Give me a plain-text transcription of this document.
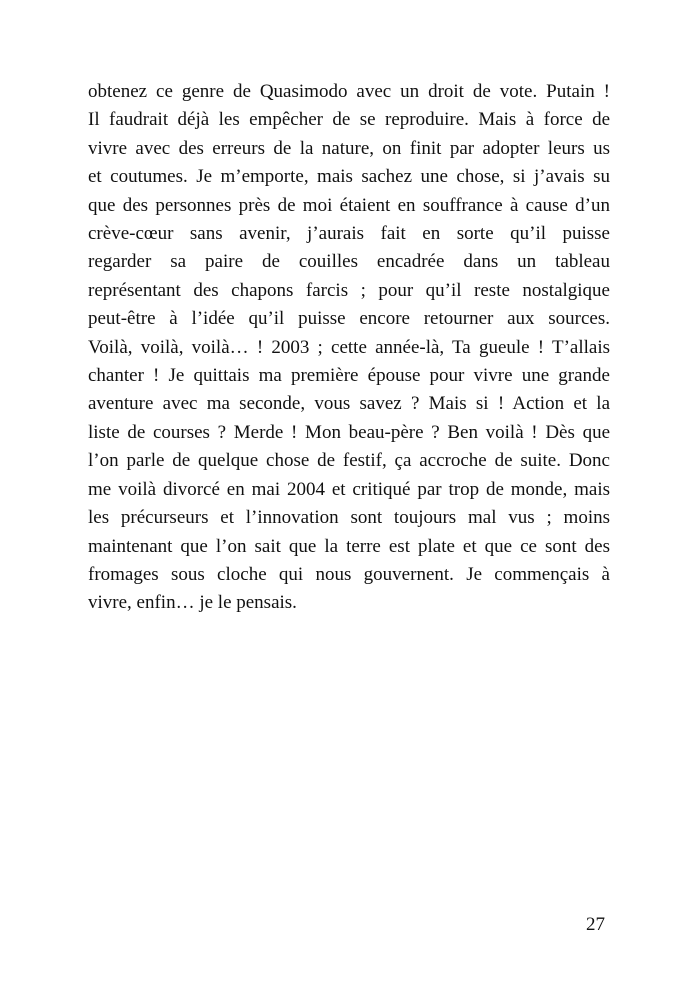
obtenez ce genre de Quasimodo avec un droit de vote. Putain !
Il faudrait déjà les empêcher de se reproduire. Mais à force de
vivre avec des erreurs de la nature, on finit par adopter leurs us
et coutumes. Je m’emporte, mais sachez une chose, si j’avais su
que des personnes près de moi étaient en souffrance à cause d’un
crève-cœur sans avenir, j’aurais fait en sorte qu’il puisse
regarder sa paire de couilles encadrée dans un tableau
représentant des chapons farcis ; pour qu’il reste nostalgique
peut-être à l’idée qu’il puisse encore retourner aux sources.
Voilà, voilà, voilà… ! 2003 ; cette année-là, Ta gueule ! T’allais
chanter ! Je quittais ma première épouse pour vivre une grande
aventure avec ma seconde, vous savez ? Mais si ! Action et la
liste de courses ? Merde ! Mon beau-père ? Ben voilà ! Dès que
l’on parle de quelque chose de festif, ça accroche de suite. Donc
me voilà divorcé en mai 2004 et critiqué par trop de monde, mais
les précurseurs et l’innovation sont toujours mal vus ; moins
maintenant que l’on sait que la terre est plate et que ce sont des
fromages sous cloche qui nous gouvernent. Je commençais à
vivre, enfin… je le pensais.

27
